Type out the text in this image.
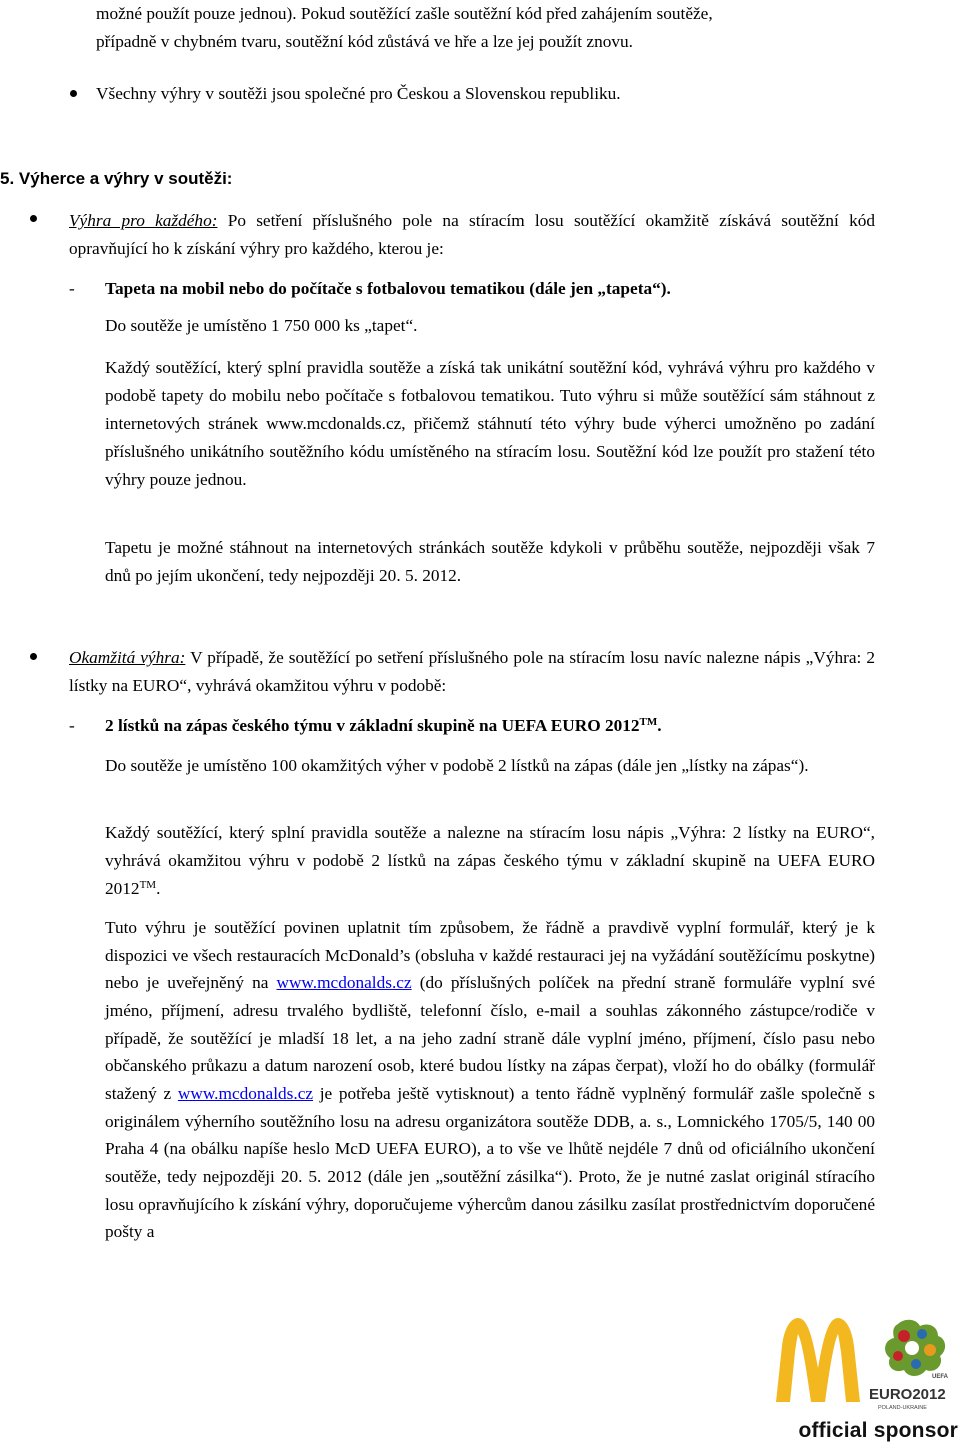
možné použít pouze jednou). Pokud soutěžící zašle soutěžní kód před zahájením soutěže,

případně v chybném tvaru, soutěžní kód zůstává ve hře a lze jej použít znovu.

Všechny výhry v soutěži jsou společné pro Českou a Slovenskou republiku.

5. Výherce a výhry v soutěži:

Výhra pro každého: Po setření příslušného pole na stíracím losu soutěžící okamžitě získává soutěžní kód opravňující ho k získání výhry pro každého, kterou je:

- Tapeta na mobil nebo do počítače s fotbalovou tematikou (dále jen „tapeta“).

Do soutěže je umístěno 1 750 000 ks „tapet“.

Každý soutěžící, který splní pravidla soutěže a získá tak unikátní soutěžní kód, vyhrává výhru pro každého v podobě tapety do mobilu nebo počítače s fotbalovou tematikou. Tuto výhru si může soutěžící sám stáhnout z internetových stránek www.mcdonalds.cz, přičemž stáhnutí této výhry bude výherci umožněno po zadání příslušného unikátního soutěžního kódu umístěného na stíracím losu. Soutěžní kód lze použít pro stažení této výhry pouze jednou.

Tapetu je možné stáhnout na internetových stránkách soutěže kdykoli v průběhu soutěže, nejpozději však 7 dnů po jejím ukončení, tedy nejpozději 20. 5. 2012.

Okamžitá výhra: V případě, že soutěžící po setření příslušného pole na stíracím losu navíc nalezne nápis „Výhra: 2 lístky na EURO“, vyhrává okamžitou výhru v podobě:

- 2 lístků na zápas českého týmu v základní skupině na UEFA EURO 2012™.

Do soutěže je umístěno 100 okamžitých výher v podobě 2 lístků na zápas (dále jen „lístky na zápas“).

Každý soutěžící, který splní pravidla soutěže a nalezne na stíracím losu nápis „Výhra: 2 lístky na EURO“, vyhrává okamžitou výhru v podobě 2 lístků na zápas českého týmu v základní skupině na UEFA EURO 2012™.

Tuto výhru je soutěžící povinen uplatnit tím způsobem, že řádně a pravdivě vyplní formulář, který je k dispozici ve všech restauracích McDonald’s (obsluha v každé restauraci jej na vyžádání soutěžícímu poskytne) nebo je uveřejněný na www.mcdonalds.cz (do příslušných políček na přední straně formuláře vyplní své jméno, příjmení, adresu trvalého bydliště, telefonní číslo, e-mail a souhlas zákonného zástupce/rodiče v případě, že soutěžící je mladší 18 let, a na jeho zadní straně dále vyplní jméno, příjmení, číslo pasu nebo občanského průkazu a datum narození osob, které budou lístky na zápas čerpat), vloží ho do obálky (formulář stažený z www.mcdonalds.cz je potřeba ještě vytisknout) a tento řádně vyplněný formulář zašle společně s originálem výherního soutěžního losu na adresu organizátora soutěže DDB, a. s., Lomnického 1705/5, 140 00 Praha 4 (na obálku napíše heslo McD UEFA EURO), a to vše ve lhůtě nejdéle 7 dnů od oficiálního ukončení soutěže, tedy nejpozději 20. 5. 2012 (dále jen „soutěžní zásilka“). Proto, že je nutné zaslat originál stíracího losu opravňujícího k získání výhry, doporučujeme výhercům danou zásilku zasílat prostřednictvím doporučené pošty a

UEFA
EURO2012
POLAND-UKRAINE
official sponsor
